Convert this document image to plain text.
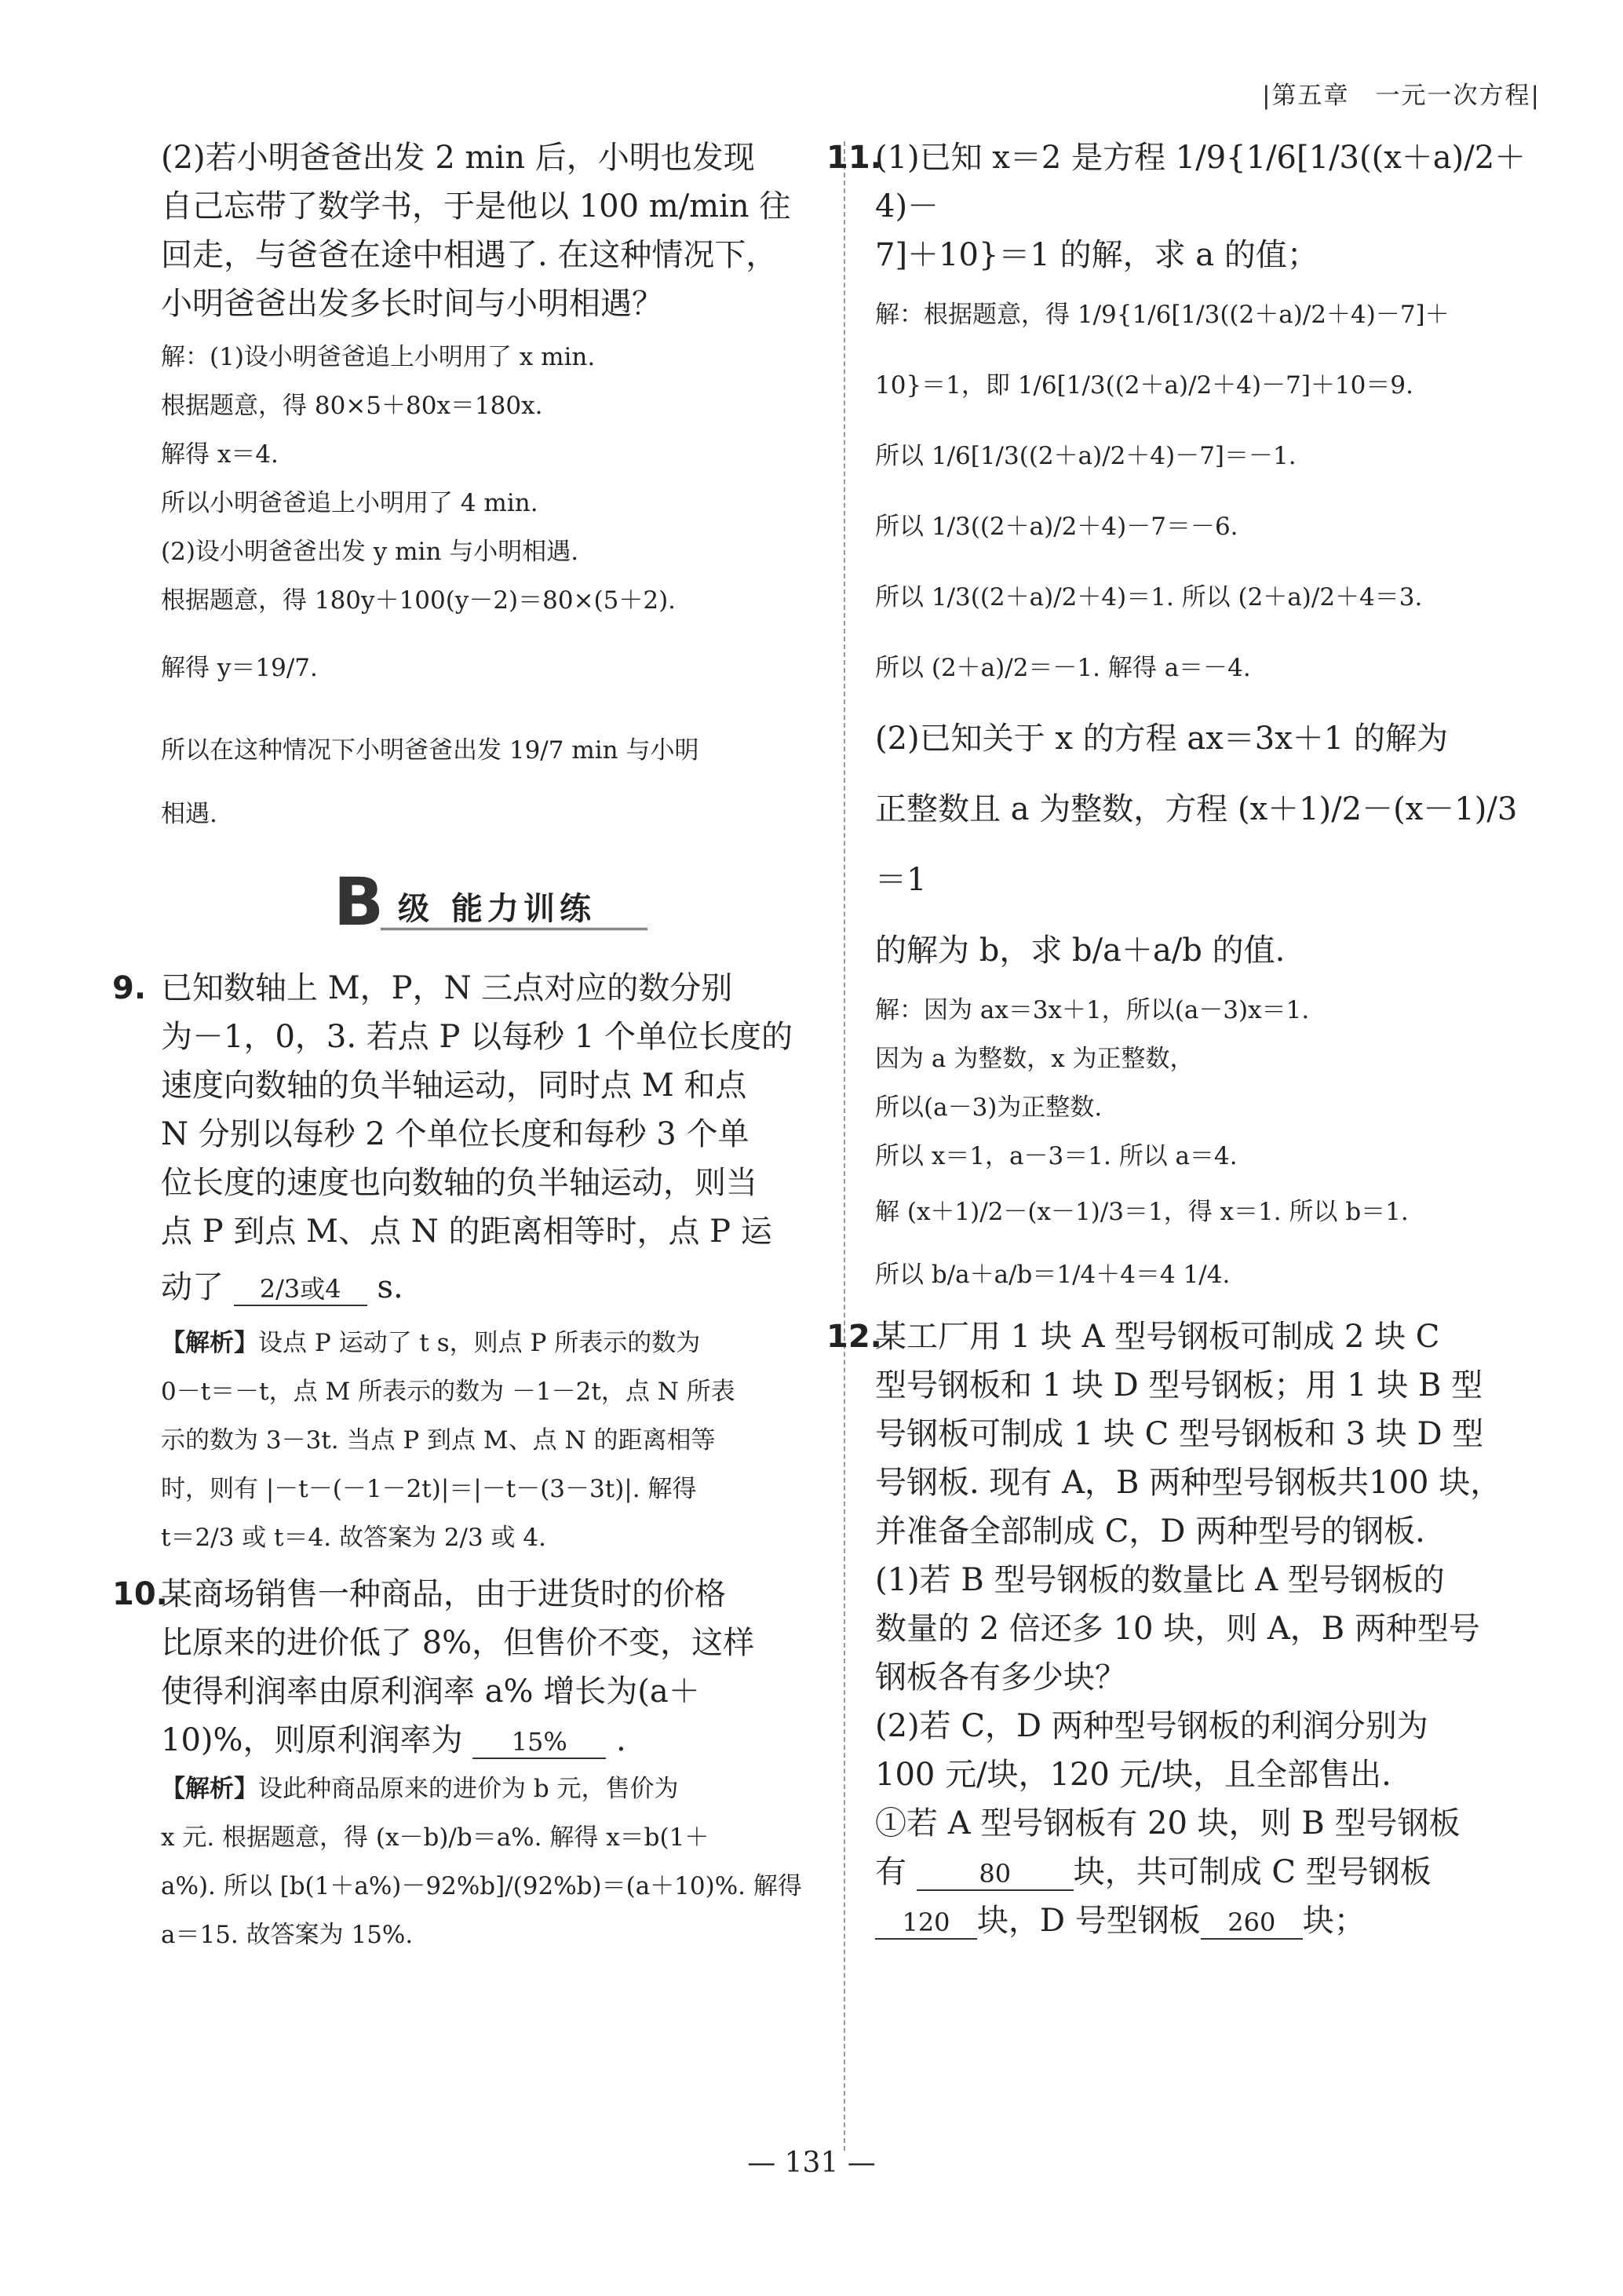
|第五章　一元一次方程|

(2)若小明爸爸出发 2 min 后，小明也发现

自己忘带了数学书，于是他以 100 m/min 往

回走，与爸爸在途中相遇了. 在这种情况下，

小明爸爸出发多长时间与小明相遇？

解：(1)设小明爸爸追上小明用了 x min.

根据题意，得 80×5＋80x＝180x.

解得 x＝4.

所以小明爸爸追上小明用了 4 min.

(2)设小明爸爸出发 y min 与小明相遇.

根据题意，得 180y＋100(y－2)＝80×(5＋2).

解得 y＝19/7.

所以在这种情况下小明爸爸出发 19/7 min 与小明

相遇.

B 级 能力训练
9. 已知数轴上 M，P，N 三点对应的数分别

为－1，0，3. 若点 P 以每秒 1 个单位长度的

速度向数轴的负半轴运动，同时点 M 和点

N 分别以每秒 2 个单位长度和每秒 3 个单

位长度的速度也向数轴的负半轴运动，则当

点 P 到点 M、点 N 的距离相等时，点 P 运

动了 2/3或4 s.

【解析】设点 P 运动了 t s，则点 P 所表示的数为

0－t＝－t，点 M 所表示的数为 －1－2t，点 N 所表

示的数为 3－3t. 当点 P 到点 M、点 N 的距离相等

时，则有 |－t－(－1－2t)|＝|－t－(3－3t)|. 解得

t＝2/3 或 t＝4. 故答案为 2/3 或 4.

10.

某商场销售一种商品，由于进货时的价格

比原来的进价低了 8%，但售价不变，这样

使得利润率由原利润率 a% 增长为(a＋

10)%，则原利润率为 15% .

【解析】设此种商品原来的进价为 b 元，售价为

x 元. 根据题意，得 (x－b)/b＝a%. 解得 x＝b(1＋

a%). 所以 [b(1＋a%)－92%b]/(92%b)＝(a＋10)%. 解得

a＝15. 故答案为 15%.

11.

(1)已知 x＝2 是方程 1/9{1/6[1/3((x＋a)/2＋4)－

7]＋10}＝1 的解，求 a 的值；

解：根据题意，得 1/9{1/6[1/3((2＋a)/2＋4)－7]＋

10}＝1，即 1/6[1/3((2＋a)/2＋4)－7]＋10＝9.

所以 1/6[1/3((2＋a)/2＋4)－7]＝－1.

所以 1/3((2＋a)/2＋4)－7＝－6.

所以 1/3((2＋a)/2＋4)＝1. 所以 (2＋a)/2＋4＝3.

所以 (2＋a)/2＝－1. 解得 a＝－4.

(2)已知关于 x 的方程 ax＝3x＋1 的解为

正整数且 a 为整数，方程 (x＋1)/2－(x－1)/3＝1

的解为 b，求 b/a＋a/b 的值.

解：因为 ax＝3x＋1，所以(a－3)x＝1.

因为 a 为整数，x 为正整数，

所以(a－3)为正整数.

所以 x＝1，a－3＝1. 所以 a＝4.

解 (x＋1)/2－(x－1)/3＝1，得 x＝1. 所以 b＝1.

所以 b/a＋a/b＝1/4＋4＝4 1/4.

12.

某工厂用 1 块 A 型号钢板可制成 2 块 C

型号钢板和 1 块 D 型号钢板；用 1 块 B 型

号钢板可制成 1 块 C 型号钢板和 3 块 D 型

号钢板. 现有 A，B 两种型号钢板共100 块，

并准备全部制成 C，D 两种型号的钢板.

(1)若 B 型号钢板的数量比 A 型号钢板的

数量的 2 倍还多 10 块，则 A，B 两种型号

钢板各有多少块？

(2)若 C，D 两种型号钢板的利润分别为

100 元/块，120 元/块，且全部售出.

①若 A 型号钢板有 20 块，则 B 型号钢板

有	80 块，共可制成 C 型号钢板

120 块，D 号型钢板 260 块；

— 131 —
